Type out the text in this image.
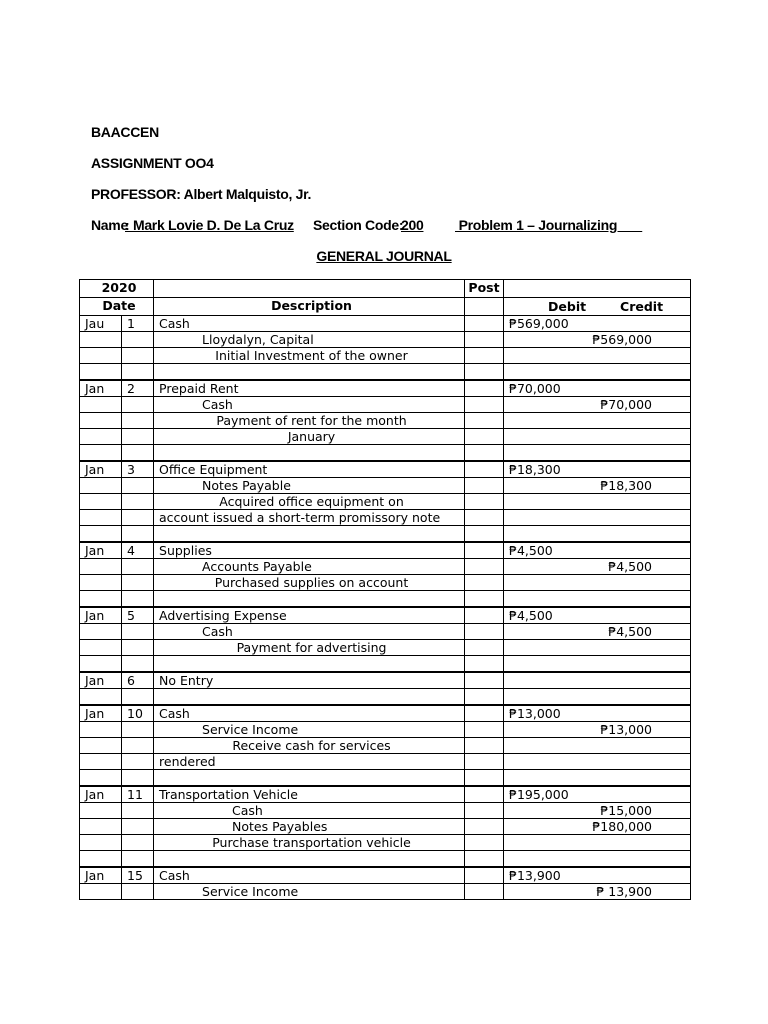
BAACCEN
ASSIGNMENT OO4
PROFESSOR: Albert Malquisto, Jr.
Name
: Mark Lovie D. De La Cruz Section Code:
200 Problem 1 – Journalizing
GENERAL JOURNAL
2020			Post	
Date		Description		Debit Credit

Jau	1	Cash		₱569,000
		Lloydalyn, Capital		₱569,000
		Initial Investment of the owner		

Jan	2	Prepaid Rent		₱70,000
		Cash		₱70,000
		Payment of rent for the month		
		January		

Jan	3	Office Equipment		₱18,300
		Notes Payable		₱18,300
		Acquired office equipment on		
		account issued a short-term promissory note		

Jan	4	Supplies		₱4,500
		Accounts Payable		₱4,500
		Purchased supplies on account		

Jan	5	Advertising Expense		₱4,500
		Cash		₱4,500
		Payment for advertising		

Jan	6	No Entry		

Jan	10	Cash		₱13,000
		Service Income		₱13,000
		Receive cash for services		
		rendered		

Jan	11	Transportation Vehicle		₱195,000
		Cash		₱15,000
		Notes Payables		₱180,000
		Purchase transportation vehicle		

Jan	15	Cash		₱13,900
		Service Income		₱ 13,900
